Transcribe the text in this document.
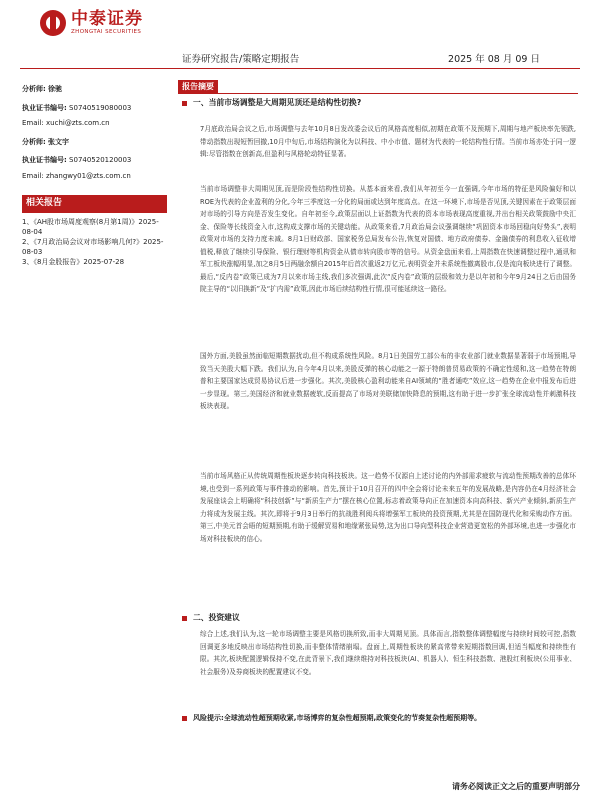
中泰证券
ZHONGTAI SECURITIES
证券研究报告/策略定期报告	2025 年 08 月 09 日
分析师: 徐驰
执业证书编号: S0740519080003
Email: xuchi@zts.com.cn
分析师: 张文宇
执业证书编号: S0740520120003
Email: zhangwy01@zts.com.cn
相关报告
1、《AH股市场周度观察(8月第1周)》2025-08-04
2、《7月政治局会议对市场影响几何?》2025-08-03
3、《8月金股报告》2025-07-28
报告摘要
一、当前市场调整是大周期见顶还是结构性切换?
7月底政治局会议之后,市场调整与去年10月8日发改委会议后的风格高度相似,初期在政策不及预期下,周期与地产板块率先领跌,带动指数出现短暂回撤,10月中旬后,市场结构演化为以科技、中小市值、题材为代表的一轮结构性行情。当前市场亦处于同一逻辑:尽管指数在创新高,但盈利与风格轮动特征显著。
当前市场调整非大周期见顶,而是阶段性结构性切换。从基本面来看,我们从年初至今一直强调,今年市场的特征是风险偏好和以ROE为代表的企业盈利的分化,今年三季度这一分化的局面或达到年度高点。在这一环境下,市场是否见顶,关键因素在于政策层面对市场的引导方向是否发生变化。自年初至今,政策层面以上证指数为代表的资本市场表现高度重视,并出台相关政策鼓励中央汇金、保险等长线资金入市,这构成支撑市场的关键动能。从政策来看,7月政治局会议强调继续“巩固资本市场回稳向好势头”,表明政策对市场的支持力度未减。8月1日财政部、国家税务总局发布公告,恢复对国债、地方政府债券、金融债券的利息收入征收增值税,释放了继续引导保险、银行理财等机构资金从债市转向股市等的信号。从资金盘面来看,上周指数在快速调整过程中,通讯和军工板块涨幅明显,加之8月5日两融余额自2015年后首次重返2万亿元,表明资金并未系统性撤离股市,仅是流向板块进行了调整。最后,“反内卷”政策已成为7月以来市场主线,我们多次强调,此次“反内卷”政策的层级和效力是以年初和今年9月24日之后由国务院主导的“以旧换新”及“扩内需”政策,因此市场后续结构性行情,很可能延续这一路径。
国外方面,美股虽然面临短期数据扰动,但不构成系统性风险。8月1日美国劳工部公布的非农业部门就业数据显著弱于市场预期,导致当天美股大幅下跌。我们认为,自今年4月以来,美股反弹的核心动能之一源于特朗普贸易政策的不确定性缓和,这一趋势在特朗普和主要国家达成贸易协议后进一步强化。其次,美股核心盈利动能来自AI领域的“胜者通吃”效应,这一趋势在企业中报发布后进一步显现。第三,美国经济和就业数据疲软,反而提高了市场对美联储加快降息的预期,这有助于进一步扩张全球流动性并刺激科技板块表现。
当前市场风格正从传统周期性板块逐步转向科技板块。这一趋势不仅源自上述讨论的内外部需求疲软与流动性预期改善的总体环境,也受到一系列政策与事件推动的影响。首先,预计于10月召开的四中全会将讨论未来五年的发展战略,是内容仍在4月经济社会发展座谈会上明确将“科技创新”与“新质生产力”摆在核心位置,标志着政策导向正在加速资本向高科技、新兴产业倾斜,新质生产力将成为发展主线。其次,即将于9月3日举行的抗战胜利阅兵将增强军工板块的投资预期,尤其是在国防现代化和采购动作方面。第三,中美元首会晤的短期预期,有助于缓解贸易和地缘紧张局势,这为出口导向型科技企业营造更宽松的外部环境,也进一步强化市场对科技板块的信心。
二、投资建议
综合上述,我们认为,这一轮市场调整主要是风格切换所致,而非大周期见顶。具体而言,指数整体调整幅度与持续时间较可控,指数回调更多地反映出市场结构性切换,而非整体情绪崩塌。盘面上,周期性板块的紧高常带来短期指数回调,但适当幅度和持续性有限。其次,板块配置逻辑保持不变,在此背景下,我们继续维持对科技板块(AI、机器人)、恒生科技指数、港股红利板块(公用事业、社会服务)及券商板块的配置建议不变。
风险提示:全球流动性超预期收紧,市场博弈的复杂性超预期,政策变化的节奏复杂性超预期等。
请务必阅读正文之后的重要声明部分
